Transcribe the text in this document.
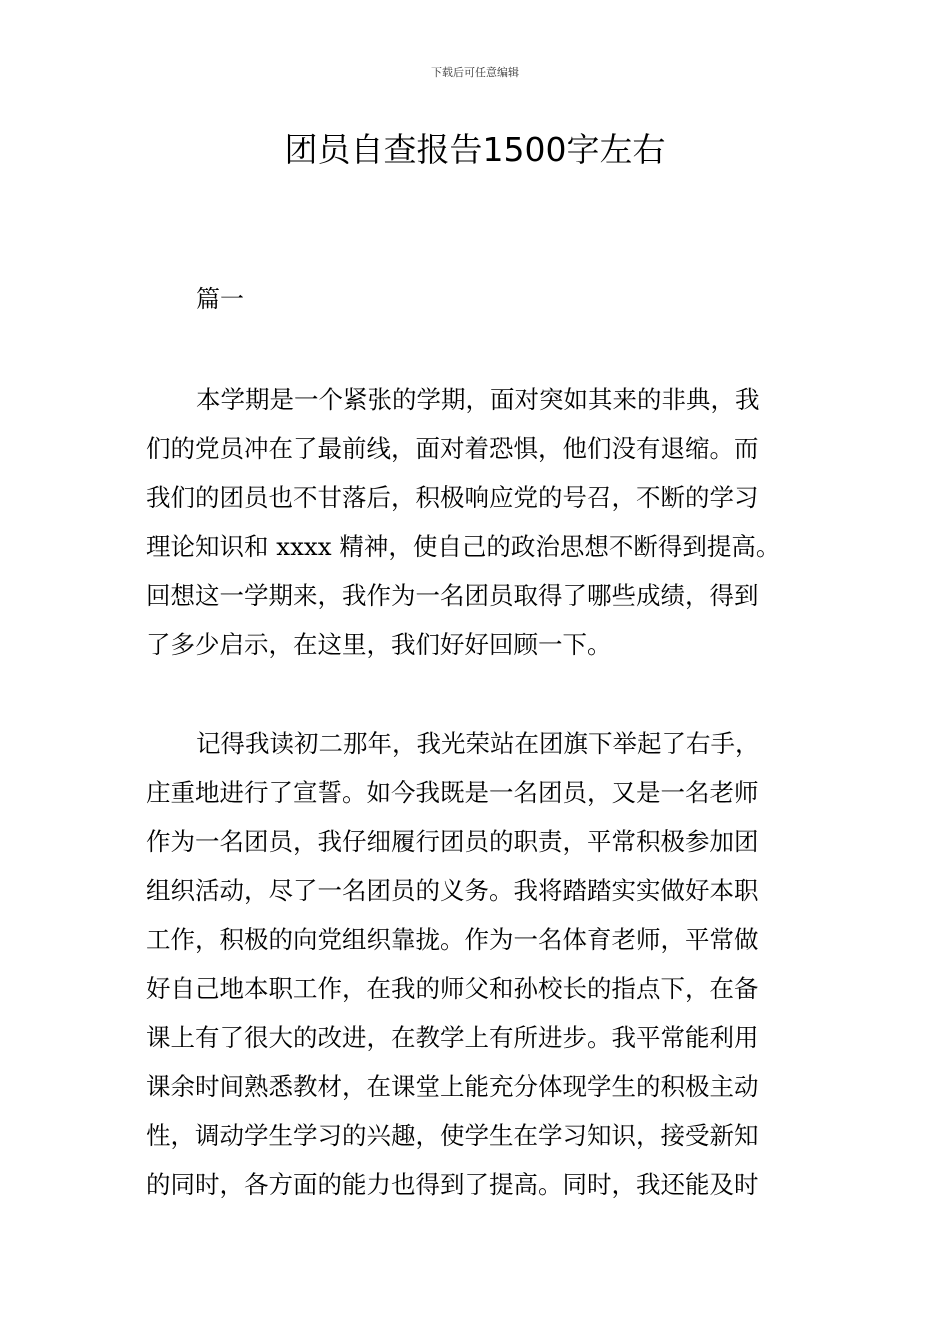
下载后可任意编辑
团员自查报告1500字左右
篇一
本学期是一个紧张的学期，面对突如其来的非典，我
们的党员冲在了最前线，面对着恐惧，他们没有退缩。而
我们的团员也不甘落后，积极响应党的号召，不断的学习
理论知识和 xxxx 精神，使自己的政治思想不断得到提高。
回想这一学期来，我作为一名团员取得了哪些成绩，得到
了多少启示，在这里，我们好好回顾一下。
记得我读初二那年，我光荣站在团旗下举起了右手，
庄重地进行了宣誓。如今我既是一名团员，又是一名老师
作为一名团员，我仔细履行团员的职责，平常积极参加团
组织活动，尽了一名团员的义务。我将踏踏实实做好本职
工作，积极的向党组织靠拢。作为一名体育老师，平常做
好自己地本职工作，在我的师父和孙校长的指点下，在备
课上有了很大的改进，在教学上有所进步。我平常能利用
课余时间熟悉教材，在课堂上能充分体现学生的积极主动
性，调动学生学习的兴趣，使学生在学习知识，接受新知
的同时，各方面的能力也得到了提高。同时，我还能及时
